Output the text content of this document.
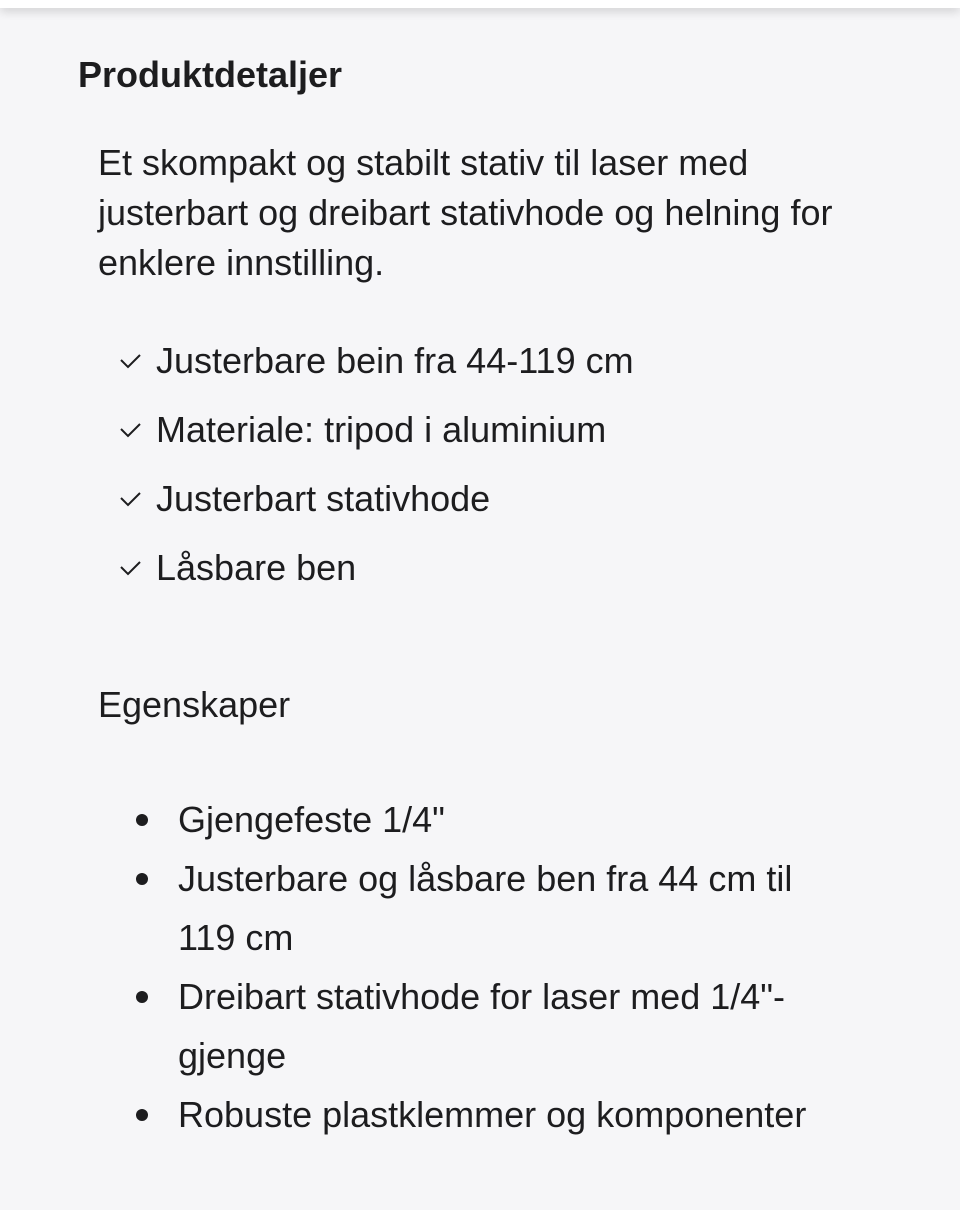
Produktdetaljer

Et skompakt og stabilt stativ til laser med justerbart og dreibart stativhode og helning for enklere innstilling.

Justerbare bein fra 44-119 cm
Materiale: tripod i aluminium
Justerbart stativhode
Låsbare ben
Egenskaper
Gjengefeste 1/4"
Justerbare og låsbare ben fra 44 cm til 119 cm
Dreibart stativhode for laser med 1/4"-gjenge
Robuste plastklemmer og komponenter
